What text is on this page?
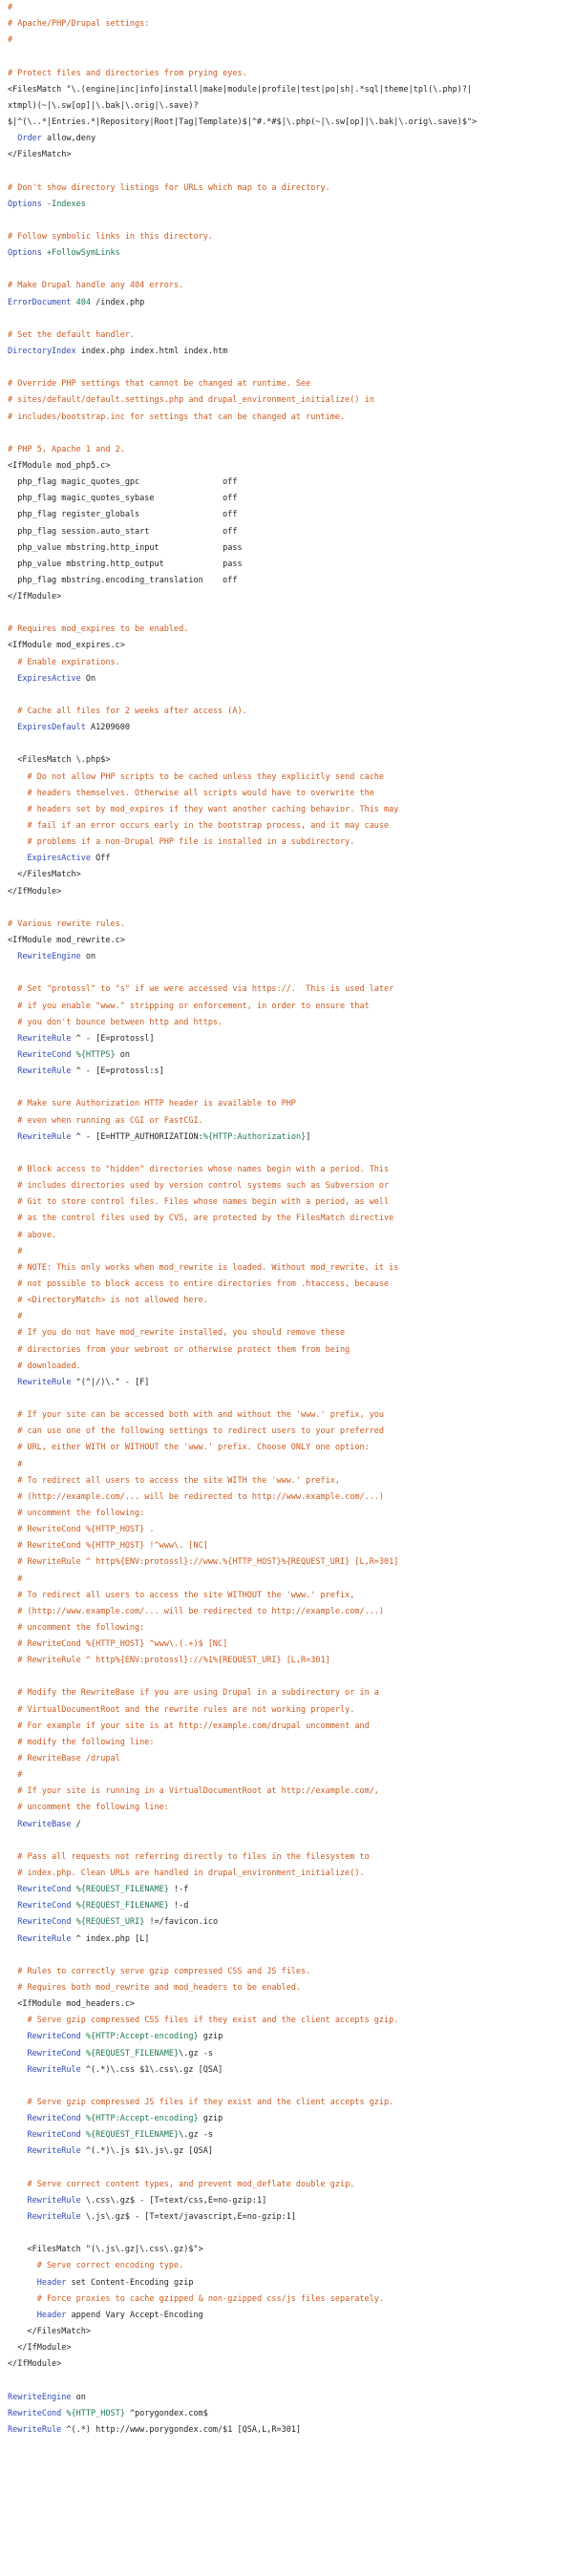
#
# Apache/PHP/Drupal settings:
#
# Protect files and directories from prying eyes.
<FilesMatch "\.(engine|inc|info|install|make|module|profile|test|po|sh|.*sql|theme|tpl(\.php)?|
xtmpl)(~|\.sw[op]|\.bak|\.orig|\.save)?
$|^(\..*|Entries.*|Repository|Root|Tag|Template)$|^#.*#$|\.php(~|\.sw[op]|\.bak|\.orig\.save)$">
Order allow,deny
</FilesMatch>
# Don't show directory listings for URLs which map to a directory.
Options -Indexes
# Follow symbolic links in this directory.
Options +FollowSymLinks
# Make Drupal handle any 404 errors.
ErrorDocument 404 /index.php
# Set the default handler.
DirectoryIndex index.php index.html index.htm
# Override PHP settings that cannot be changed at runtime. See
# sites/default/default.settings.php and drupal_environment_initialize() in
# includes/bootstrap.inc for settings that can be changed at runtime.
# PHP 5, Apache 1 and 2.
<IfModule mod_php5.c>
php_flag magic_quotes_gpc                 off
php_flag magic_quotes_sybase              off
php_flag register_globals                 off
php_flag session.auto_start               off
php_value mbstring.http_input             pass
php_value mbstring.http_output            pass
php_flag mbstring.encoding_translation    off
</IfModule>
# Requires mod_expires to be enabled.
<IfModule mod_expires.c>
# Enable expirations.
ExpiresActive On
# Cache all files for 2 weeks after access (A).
ExpiresDefault A1209600
<FilesMatch \.php$>
# Do not allow PHP scripts to be cached unless they explicitly send cache
# headers themselves. Otherwise all scripts would have to overwrite the
# headers set by mod_expires if they want another caching behavior. This may
# fail if an error occurs early in the bootstrap process, and it may cause
# problems if a non-Drupal PHP file is installed in a subdirectory.
ExpiresActive Off
</FilesMatch>
</IfModule>
# Various rewrite rules.
<IfModule mod_rewrite.c>
RewriteEngine on
# Set "protossl" to "s" if we were accessed via https://.  This is used later
# if you enable "www." stripping or enforcement, in order to ensure that
# you don't bounce between http and https.
RewriteRule ^ - [E=protossl]
RewriteCond %{HTTPS} on
RewriteRule ^ - [E=protossl:s]
# Make sure Authorization HTTP header is available to PHP
# even when running as CGI or FastCGI.
RewriteRule ^ - [E=HTTP_AUTHORIZATION:%{HTTP:Authorization}]
# Block access to "hidden" directories whose names begin with a period. This
# includes directories used by version control systems such as Subversion or
# Git to store control files. Files whose names begin with a period, as well
# as the control files used by CVS, are protected by the FilesMatch directive
# above.
#
# NOTE: This only works when mod_rewrite is loaded. Without mod_rewrite, it is
# not possible to block access to entire directories from .htaccess, because
# <DirectoryMatch> is not allowed here.
#
# If you do not have mod_rewrite installed, you should remove these
# directories from your webroot or otherwise protect them from being
# downloaded.
RewriteRule "(^|/)\." - [F]
# If your site can be accessed both with and without the 'www.' prefix, you
# can use one of the following settings to redirect users to your preferred
# URL, either WITH or WITHOUT the 'www.' prefix. Choose ONLY one option:
#
# To redirect all users to access the site WITH the 'www.' prefix,
# (http://example.com/... will be redirected to http://www.example.com/...)
# uncomment the following:
# RewriteCond %{HTTP_HOST} .
# RewriteCond %{HTTP_HOST} !^www\. [NC]
# RewriteRule ^ http%{ENV:protossl}://www.%{HTTP_HOST}%{REQUEST_URI} [L,R=301]
#
# To redirect all users to access the site WITHOUT the 'www.' prefix,
# (http://www.example.com/... will be redirected to http://example.com/...)
# uncomment the following:
# RewriteCond %{HTTP_HOST} ^www\.(.+)$ [NC]
# RewriteRule ^ http%{ENV:protossl}://%1%{REQUEST_URI} [L,R=301]
# Modify the RewriteBase if you are using Drupal in a subdirectory or in a
# VirtualDocumentRoot and the rewrite rules are not working properly.
# For example if your site is at http://example.com/drupal uncomment and
# modify the following line:
# RewriteBase /drupal
#
# If your site is running in a VirtualDocumentRoot at http://example.com/,
# uncomment the following line:
RewriteBase /
# Pass all requests not referring directly to files in the filesystem to
# index.php. Clean URLs are handled in drupal_environment_initialize().
RewriteCond %{REQUEST_FILENAME} !-f
RewriteCond %{REQUEST_FILENAME} !-d
RewriteCond %{REQUEST_URI} !=/favicon.ico
RewriteRule ^ index.php [L]
# Rules to correctly serve gzip compressed CSS and JS files.
# Requires both mod_rewrite and mod_headers to be enabled.
<IfModule mod_headers.c>
# Serve gzip compressed CSS files if they exist and the client accepts gzip.
RewriteCond %{HTTP:Accept-encoding} gzip
RewriteCond %{REQUEST_FILENAME}\.gz -s
RewriteRule ^(.*)\.css $1\.css\.gz [QSA]
# Serve gzip compressed JS files if they exist and the client accepts gzip.
RewriteCond %{HTTP:Accept-encoding} gzip
RewriteCond %{REQUEST_FILENAME}\.gz -s
RewriteRule ^(.*)\.js $1\.js\.gz [QSA]
# Serve correct content types, and prevent mod_deflate double gzip.
RewriteRule \.css\.gz$ - [T=text/css,E=no-gzip:1]
RewriteRule \.js\.gz$ - [T=text/javascript,E=no-gzip:1]
<FilesMatch "(\.js\.gz|\.css\.gz)$">
# Serve correct encoding type.
Header set Content-Encoding gzip
# Force proxies to cache gzipped & non-gzipped css/js files separately.
Header append Vary Accept-Encoding
</FilesMatch>
</IfModule>
</IfModule>
RewriteEngine on
RewriteCond %{HTTP_HOST} ^porygondex.com$
RewriteRule ^(.*) http://www.porygondex.com/$1 [QSA,L,R=301]
